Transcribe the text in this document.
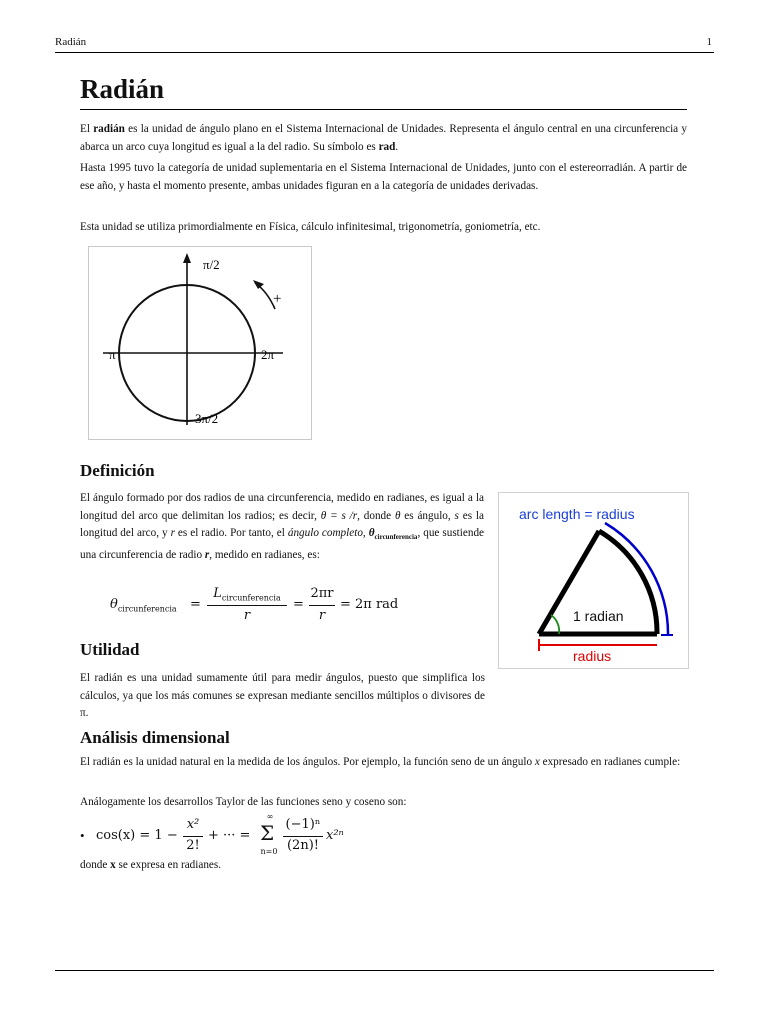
Radián	1
Radián

El radián es la unidad de ángulo plano en el Sistema Internacional de Unidades. Representa el ángulo central en una circunferencia y abarca un arco cuya longitud es igual a la del radio. Su símbolo es rad.

Hasta 1995 tuvo la categoría de unidad suplementaria en el Sistema Internacional de Unidades, junto con el estereorradián. A partir de ese año, y hasta el momento presente, ambas unidades figuran en a la categoría de unidades derivadas.

Esta unidad se utiliza primordialmente en Física, cálculo infinitesimal, trigonometría, goniometría, etc.

π/2
π	2π
3π/2
+
Definición

El ángulo formado por dos radios de una circunferencia, medido en radianes, es igual a la longitud del arco que delimitan los radios; es decir, θ = s /r, donde θ es ángulo, s es la longitud del arco, y r es el radio. Por tanto, el ángulo completo, $\theta_{circunferencia}$, que sustiende una circunferencia de radio r, medido en radianes, es:

$\theta_{circunferencia}$ =
$L_{circunferencia}$
r
=
2πr
r
= 2π rad
arc length = radius
1 radian
radius
Utilidad

El radián es una unidad sumamente útil para medir ángulos, puesto que simplifica los cálculos, ya que los más comunes se expresan mediante sencillos múltiplos o divisores de π.

Análisis dimensional

El radián es la unidad natural en la medida de los ángulos. Por ejemplo, la función seno de un ángulo x expresado en radianes cumple:

Análogamente los desarrollos Taylor de las funciones seno y coseno son:

• cos(x) = 1 −
x²
2!
+ ··· =
∞
Σ
n=0
(−1)ⁿ
(2n)!
x²ⁿ

donde x se expresa en radianes.
